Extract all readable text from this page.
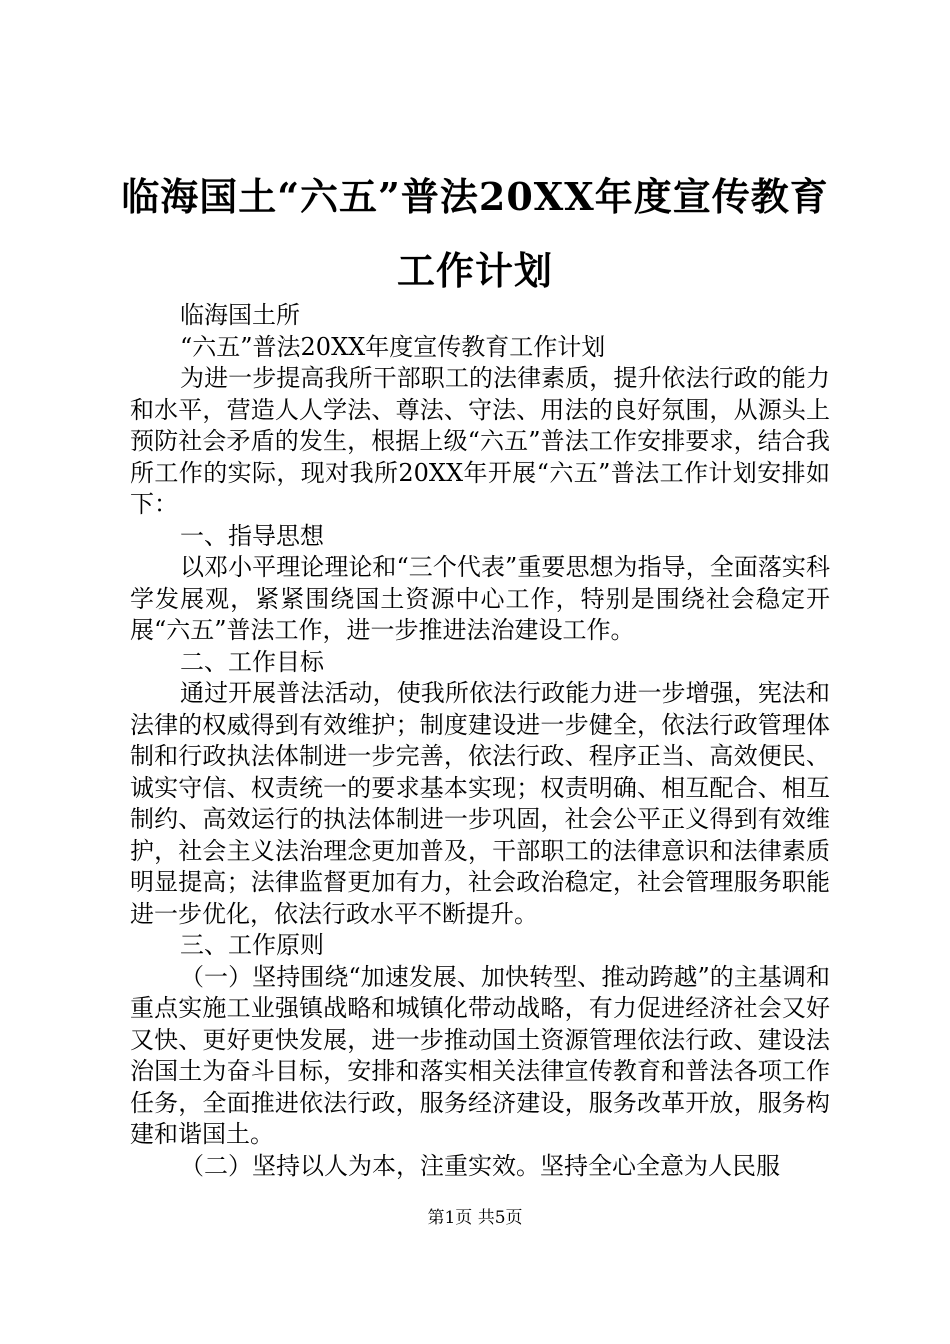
临海国土“六五”普法20XX年度宣传教育工作计划

临海国土所

“六五”普法20XX年度宣传教育工作计划

为进一步提高我所干部职工的法律素质，提升依法行政的能力和水平，营造人人学法、尊法、守法、用法的良好氛围，从源头上预防社会矛盾的发生，根据上级“六五”普法工作安排要求，结合我所工作的实际，现对我所20XX年开展“六五”普法工作计划安排如下：

一、指导思想

以邓小平理论理论和“三个代表”重要思想为指导，全面落实科学发展观，紧紧围绕国土资源中心工作，特别是围绕社会稳定开展“六五”普法工作，进一步推进法治建设工作。

二、工作目标

通过开展普法活动，使我所依法行政能力进一步增强，宪法和法律的权威得到有效维护；制度建设进一步健全，依法行政管理体制和行政执法体制进一步完善，依法行政、程序正当、高效便民、诚实守信、权责统一的要求基本实现；权责明确、相互配合、相互制约、高效运行的执法体制进一步巩固，社会公平正义得到有效维护，社会主义法治理念更加普及，干部职工的法律意识和法律素质明显提高；法律监督更加有力，社会政治稳定，社会管理服务职能进一步优化，依法行政水平不断提升。

三、工作原则

（一）坚持围绕“加速发展、加快转型、推动跨越”的主基调和重点实施工业强镇战略和城镇化带动战略，有力促进经济社会又好又快、更好更快发展，进一步推动国土资源管理依法行政、建设法治国土为奋斗目标，安排和落实相关法律宣传教育和普法各项工作任务，全面推进依法行政，服务经济建设，服务改革开放，服务构建和谐国土。

（二）坚持以人为本，注重实效。坚持全心全意为人民服

第1页 共5页
